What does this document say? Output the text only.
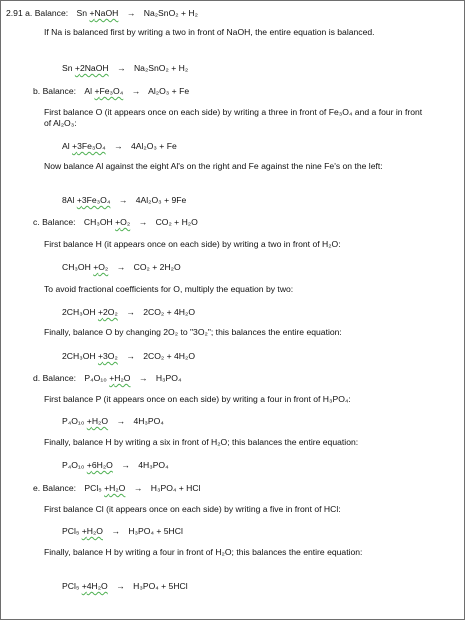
2.91 a. Balance: Sn +NaOH → Na₂SnO₂ + H₂
If Na is balanced first by writing a two in front of NaOH, the entire equation is balanced.
Sn +2NaOH → Na₂SnO₂ + H₂
b. Balance: Al +Fe₃O₄ → Al₂O₃ + Fe
First balance O (it appears once on each side) by writing a three in front of Fe₃O₄ and a four in front of Al₂O₃:
Al +3Fe₃O₄ → 4Al₂O₃ + Fe
Now balance Al against the eight Al's on the right and Fe against the nine Fe's on the left:
8Al +3Fe₃O₄ → 4Al₂O₃ + 9Fe
c. Balance: CH₃OH +O₂ → CO₂ + H₂O
First balance H (it appears once on each side) by writing a two in front of H₂O:
CH₃OH +O₂ → CO₂ + 2H₂O
To avoid fractional coefficients for O, multiply the equation by two:
2CH₃OH +2O₂ → 2CO₂ + 4H₂O
Finally, balance O by changing 2O₂ to "3O₂"; this balances the entire equation:
2CH₃OH +3O₂ → 2CO₂ + 4H₂O
d. Balance: P₄O₁₀ +H₂O → H₃PO₄
First balance P (it appears once on each side) by writing a four in front of H₃PO₄:
P₄O₁₀ +H₂O → 4H₃PO₄
Finally, balance H by writing a six in front of H₂O; this balances the entire equation:
P₄O₁₀ +6H₂O → 4H₃PO₄
e. Balance: PCl₅ +H₂O → H₃PO₄ + HCl
First balance Cl (it appears once on each side) by writing a five in front of HCl:
PCl₅ +H₂O → H₃PO₄ + 5HCl
Finally, balance H by writing a four in front of H₂O; this balances the entire equation:
PCl₅ +4H₂O → H₃PO₄ + 5HCl
